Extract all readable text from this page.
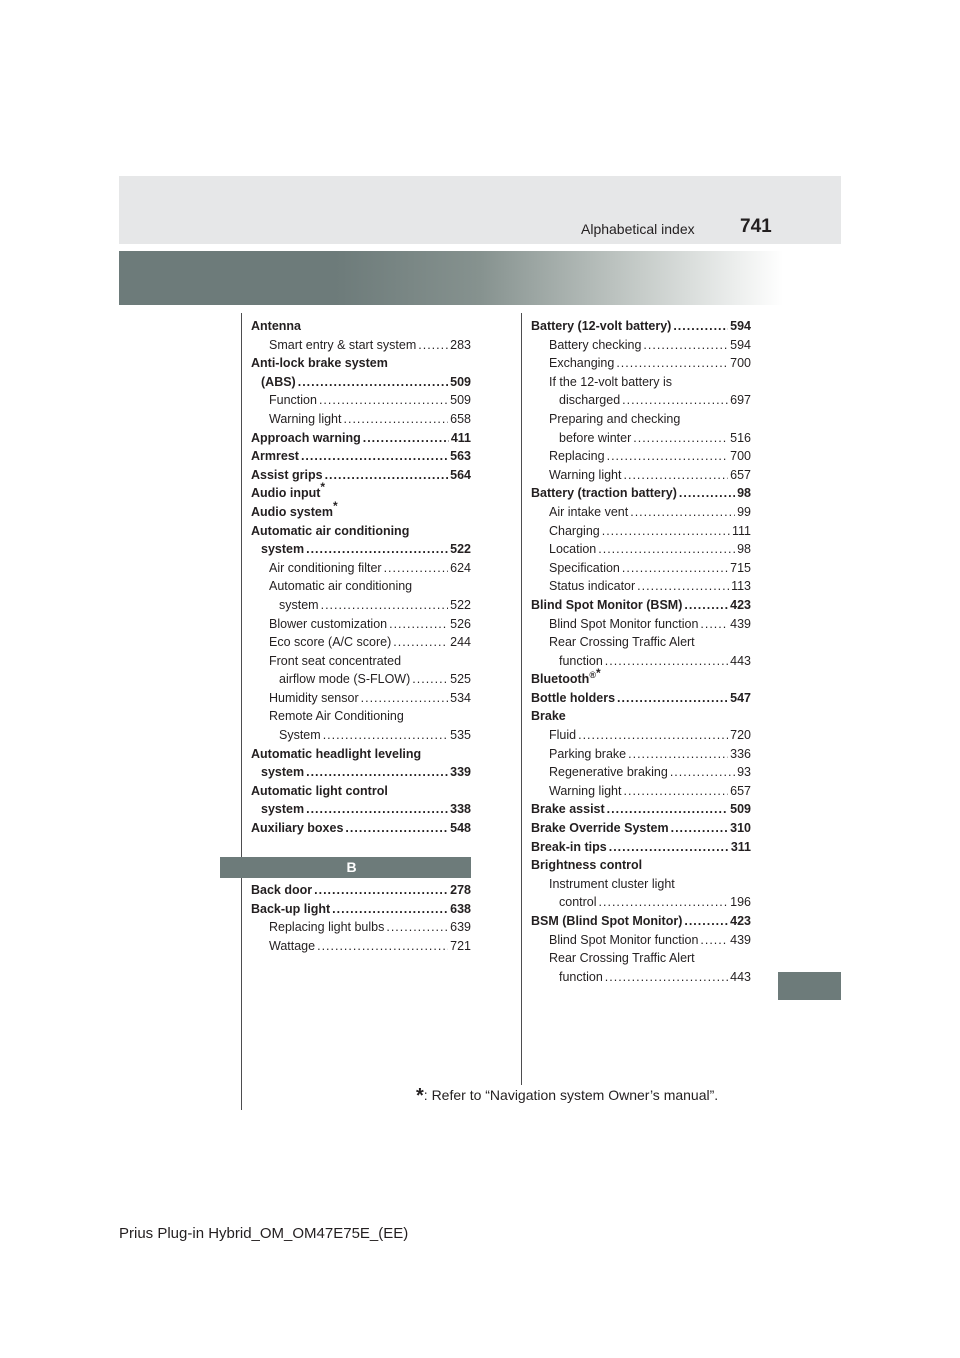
Alphabetical index 741
Antenna
Smart entry & start system .....	283
Anti-lock brake system
(ABS) .....	509
Function .....	509
Warning light .....	658
Approach warning .....	411
Armrest .....	563
Assist grips .....	564
Audio input*
Audio system*
Automatic air conditioning
system .....	522
Air conditioning filter .....	624
Automatic air conditioning
system .....	522
Blower customization .....	526
Eco score (A/C score) .....	244
Front seat concentrated
airflow mode (S-FLOW) .....	525
Humidity sensor .....	534
Remote Air Conditioning
System .....	535
Automatic headlight leveling
system .....	339
Automatic light control
system .....	338
Auxiliary boxes .....	548
B
Back door .....	278
Back-up light .....	638
Replacing light bulbs .....	639
Wattage .....	721
Battery (12-volt battery) .....	594
Battery checking .....	594
Exchanging .....	700
If the 12-volt battery is
discharged .....	697
Preparing and checking
before winter .....	516
Replacing .....	700
Warning light .....	657
Battery (traction battery) .....	98
Air intake vent .....	99
Charging .....	111
Location .....	98
Specification .....	715
Status indicator .....	113
Blind Spot Monitor (BSM) .....	423
Blind Spot Monitor function .....	439
Rear Crossing Traffic Alert
function .....	443
Bluetooth®*
Bottle holders .....	547
Brake
Fluid .....	720
Parking brake .....	336
Regenerative braking .....	93
Warning light .....	657
Brake assist .....	509
Brake Override System .....	310
Break-in tips .....	311
Brightness control
Instrument cluster light
control .....	196
BSM (Blind Spot Monitor) .....	423
Blind Spot Monitor function .....	439
Rear Crossing Traffic Alert
function .....	443
*: Refer to “Navigation system Owner’s manual”.
Prius Plug-in Hybrid_OM_OM47E75E_(EE)
